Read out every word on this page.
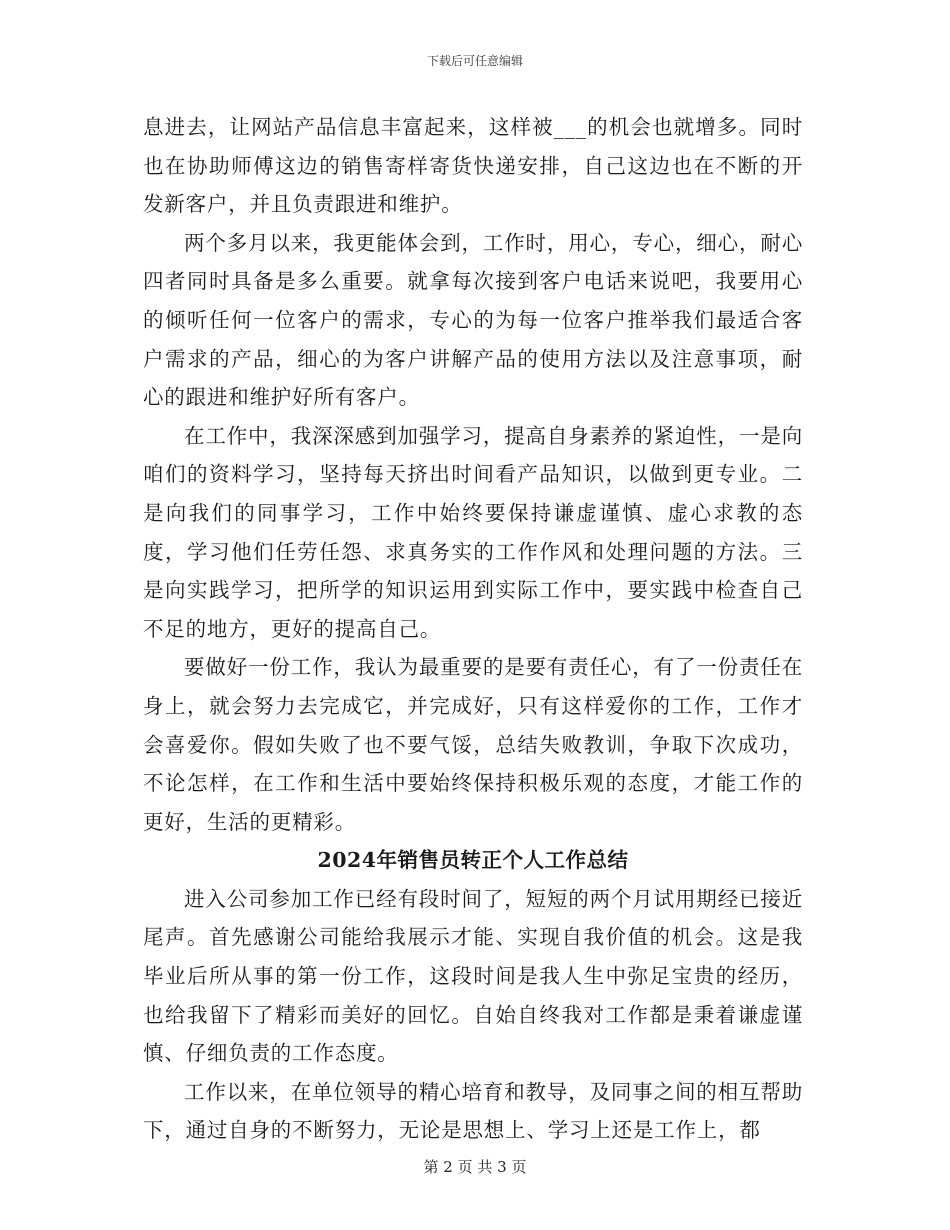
下载后可任意编辑

息进去，让网站产品信息丰富起来，这样被___的机会也就增多。同时也在协助师傅这边的销售寄样寄货快递安排，自己这边也在不断的开发新客户，并且负责跟进和维护。

两个多月以来，我更能体会到，工作时，用心，专心，细心，耐心四者同时具备是多么重要。就拿每次接到客户电话来说吧，我要用心的倾听任何一位客户的需求，专心的为每一位客户推举我们最适合客户需求的产品，细心的为客户讲解产品的使用方法以及注意事项，耐心的跟进和维护好所有客户。

在工作中，我深深感到加强学习，提高自身素养的紧迫性，一是向咱们的资料学习，坚持每天挤出时间看产品知识，以做到更专业。二是向我们的同事学习，工作中始终要保持谦虚谨慎、虚心求教的态度，学习他们任劳任怨、求真务实的工作作风和处理问题的方法。三是向实践学习，把所学的知识运用到实际工作中，要实践中检查自己不足的地方，更好的提高自己。

要做好一份工作，我认为最重要的是要有责任心，有了一份责任在身上，就会努力去完成它，并完成好，只有这样爱你的工作，工作才会喜爱你。假如失败了也不要气馁，总结失败教训，争取下次成功，不论怎样，在工作和生活中要始终保持积极乐观的态度，才能工作的更好，生活的更精彩。

2024年销售员转正个人工作总结

进入公司参加工作已经有段时间了，短短的两个月试用期经已接近尾声。首先感谢公司能给我展示才能、实现自我价值的机会。这是我毕业后所从事的第一份工作，这段时间是我人生中弥足宝贵的经历，也给我留下了精彩而美好的回忆。自始自终我对工作都是秉着谦虚谨慎、仔细负责的工作态度。

工作以来，在单位领导的精心培育和教导，及同事之间的相互帮助下，通过自身的不断努力，无论是思想上、学习上还是工作上，都

第 2 页 共 3 页
